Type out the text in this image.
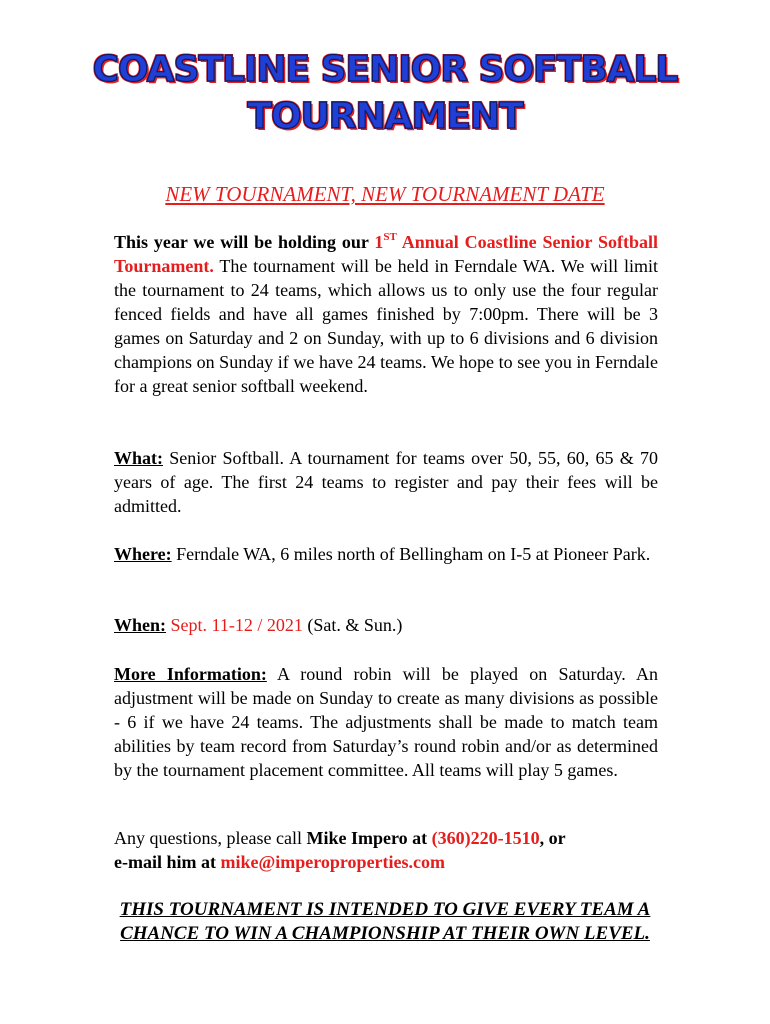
COASTLINE SENIOR SOFTBALL
TOURNAMENT
NEW TOURNAMENT, NEW TOURNAMENT DATE
This year we will be holding our 1ST Annual Coastline Senior Softball Tournament. The tournament will be held in Ferndale WA. We will limit the tournament to 24 teams, which allows us to only use the four regular fenced fields and have all games finished by 7:00pm. There will be 3 games on Saturday and 2 on Sunday, with up to 6 divisions and 6 division champions on Sunday if we have 24 teams. We hope to see you in Ferndale for a great senior softball weekend.
What: Senior Softball. A tournament for teams over 50, 55, 60, 65 & 70 years of age. The first 24 teams to register and pay their fees will be admitted.
Where: Ferndale WA, 6 miles north of Bellingham on I-5 at Pioneer Park.
When: Sept. 11-12 / 2021 (Sat. & Sun.)
More Information: A round robin will be played on Saturday. An adjustment will be made on Sunday to create as many divisions as possible - 6 if we have 24 teams. The adjustments shall be made to match team abilities by team record from Saturday’s round robin and/or as determined by the tournament placement committee. All teams will play 5 games.
Any questions, please call Mike Impero at (360)220-1510, or
e-mail him at mike@imperoproperties.com
THIS TOURNAMENT IS INTENDED TO GIVE EVERY TEAM A CHANCE TO WIN A CHAMPIONSHIP AT THEIR OWN LEVEL.
